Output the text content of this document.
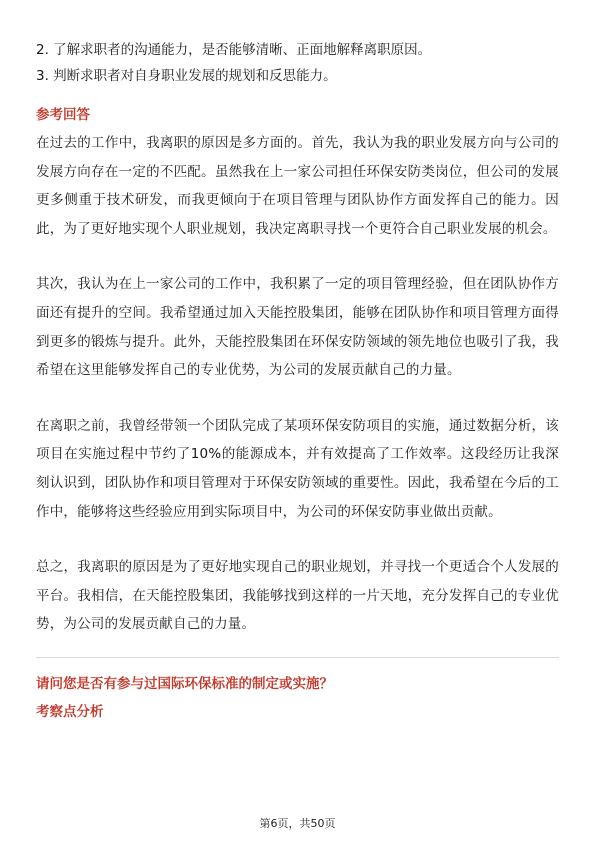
2. 了解求职者的沟通能力，是否能够清晰、正面地解释离职原因。

3. 判断求职者对自身职业发展的规划和反思能力。

参考回答

在过去的工作中，我离职的原因是多方面的。首先，我认为我的职业发展方向与公司的发展方向存在一定的不匹配。虽然我在上一家公司担任环保安防类岗位，但公司的发展更多侧重于技术研发，而我更倾向于在项目管理与团队协作方面发挥自己的能力。因此，为了更好地实现个人职业规划，我决定离职寻找一个更符合自己职业发展的机会。

其次，我认为在上一家公司的工作中，我积累了一定的项目管理经验，但在团队协作方面还有提升的空间。我希望通过加入天能控股集团，能够在团队协作和项目管理方面得到更多的锻炼与提升。此外，天能控股集团在环保安防领域的领先地位也吸引了我，我希望在这里能够发挥自己的专业优势，为公司的发展贡献自己的力量。

在离职之前，我曾经带领一个团队完成了某项环保安防项目的实施，通过数据分析，该项目在实施过程中节约了10%的能源成本，并有效提高了工作效率。这段经历让我深刻认识到，团队协作和项目管理对于环保安防领域的重要性。因此，我希望在今后的工作中，能够将这些经验应用到实际项目中，为公司的环保安防事业做出贡献。

总之，我离职的原因是为了更好地实现自己的职业规划，并寻找一个更适合个人发展的平台。我相信，在天能控股集团，我能够找到这样的一片天地，充分发挥自己的专业优势，为公司的发展贡献自己的力量。

请问您是否有参与过国际环保标准的制定或实施？

考察点分析

第6页，共50页
